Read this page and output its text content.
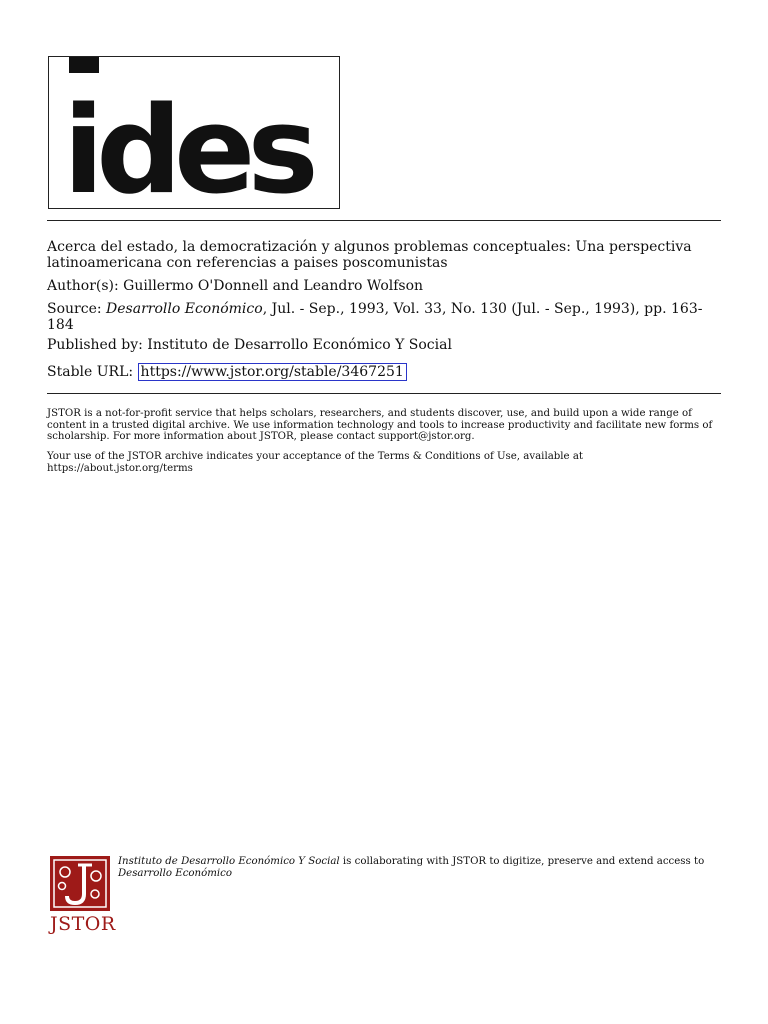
ides
Acerca del estado, la democratización y algunos problemas conceptuales: Una perspectiva latinoamericana con referencias a paises poscomunistas
Author(s): Guillermo O'Donnell and Leandro Wolfson
Source: Desarrollo Económico, Jul. - Sep., 1993, Vol. 33, No. 130 (Jul. - Sep., 1993), pp. 163-184
Published by: Instituto de Desarrollo Económico Y Social
Stable URL: https://www.jstor.org/stable/3467251
JSTOR is a not-for-profit service that helps scholars, researchers, and students discover, use, and build upon a wide range of content in a trusted digital archive. We use information technology and tools to increase productivity and facilitate new forms of scholarship. For more information about JSTOR, please contact support@jstor.org.
Your use of the JSTOR archive indicates your acceptance of the Terms & Conditions of Use, available at https://about.jstor.org/terms
JSTOR
Instituto de Desarrollo Económico Y Social is collaborating with JSTOR to digitize, preserve and extend access to Desarrollo Económico
